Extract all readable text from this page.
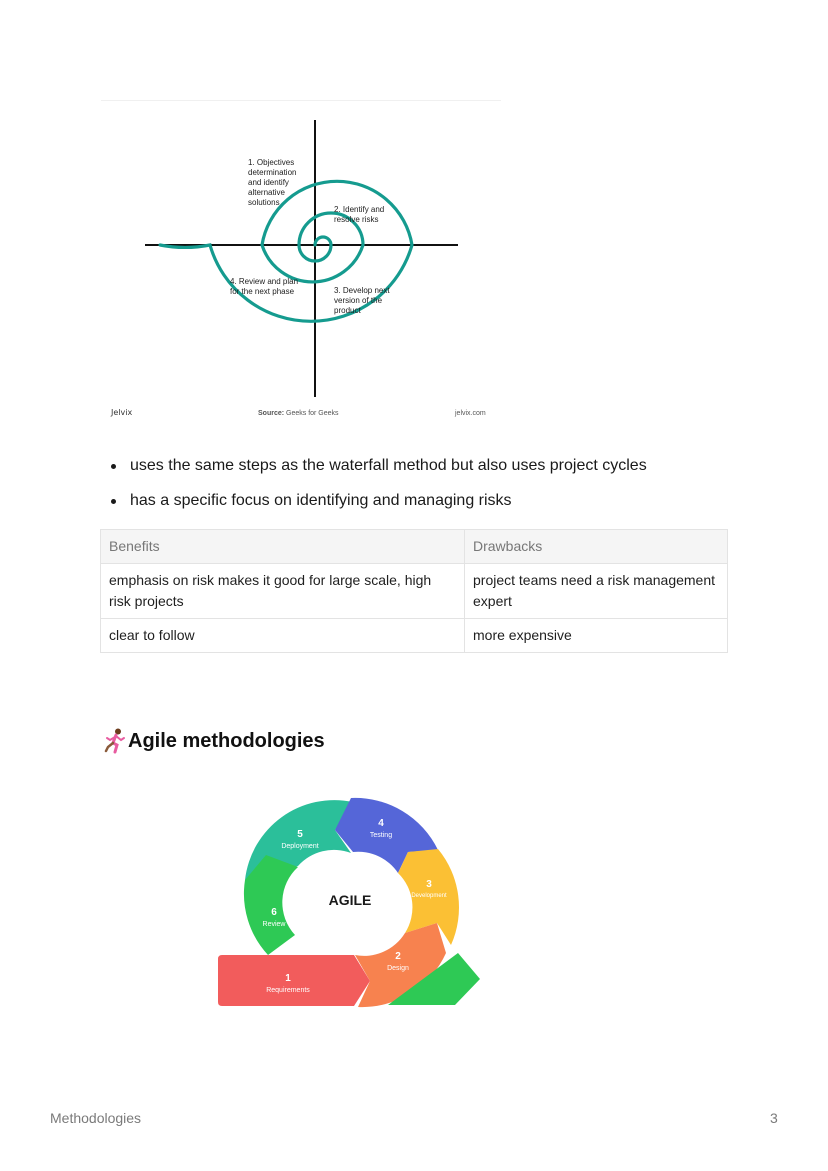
1. Objectives determination and identify alternative solutions
2. Identify and resolve risks
3. Develop next version of the product
4. Review and plan for the next phase
Jelvix	Source: Geeks for Geeks	jelvix.com
uses the same steps as the waterfall method but also uses project cycles
has a specific focus on identifying and managing risks
Benefits	Drawbacks
emphasis on risk makes it good for large scale, high risk projects	project teams need a risk management expert
clear to follow	more expensive
Agile methodologies
5
Deployment
4
Testing
3
Development
2
Design
6
Review
1
Requirements
AGILE
Methodologies	3
